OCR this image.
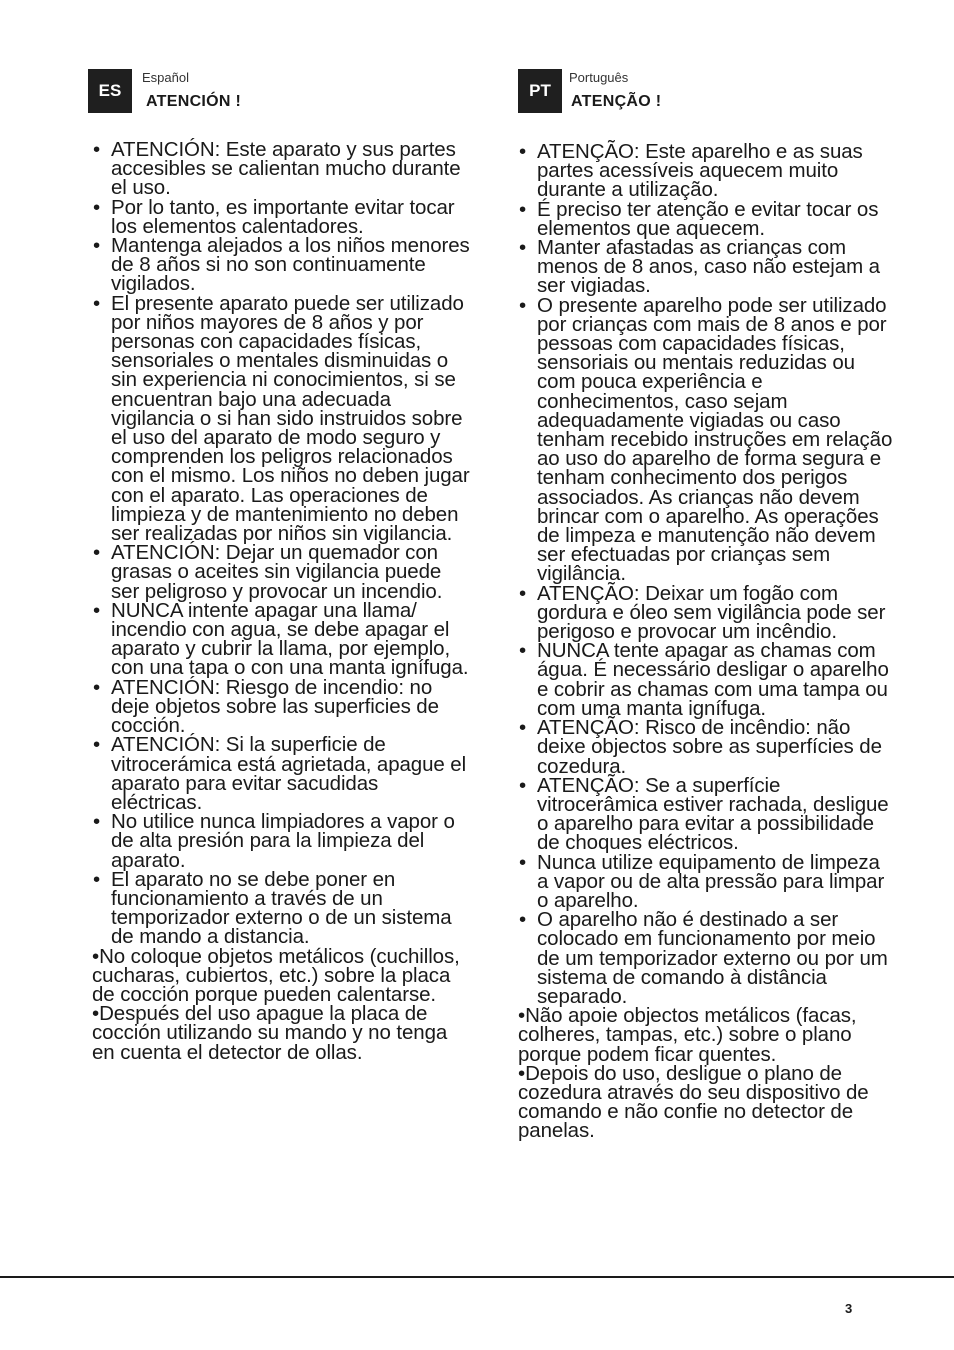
ES
Español
ATENCIÓN !
• ATENCIÓN: Este aparato y sus partes accesibles se calientan mucho durante el uso.
• Por lo tanto, es importante evitar tocar los elementos calentadores.
• Mantenga alejados a los niños menores de 8 años si no son continuamente vigilados.
• El presente aparato puede ser utilizado por niños mayores de 8 años y por personas con capacidades físicas, sensoriales o mentales disminuidas o sin experiencia ni conocimientos, si se encuentran bajo una adecuada vigilancia o si han sido instruidos sobre el uso del aparato de modo seguro y comprenden los peligros relacionados con el mismo. Los niños no deben jugar con el aparato. Las operaciones de limpieza y de mantenimiento no deben ser realizadas por niños sin vigilancia.
• ATENCIÓN: Dejar un quemador con grasas o aceites sin vigilancia puede ser peligroso y provocar un incendio.
• NUNCA intente apagar una llama/ incendio con agua, se debe apagar el aparato y cubrir la llama, por ejemplo, con una tapa o con una manta ignífuga.
• ATENCIÓN: Riesgo de incendio: no deje objetos sobre las superficies de cocción.
• ATENCIÓN: Si la superficie de vitrocerámica está agrietada, apague el aparato para evitar sacudidas eléctricas.
• No utilice nunca limpiadores a vapor o de alta presión para la limpieza del aparato.
• El aparato no se debe poner en funcionamiento a través de un temporizador externo o de un sistema de mando a distancia.

• No coloque objetos metálicos (cuchillos, cucharas, cubiertos, etc.) sobre la placa de cocción porque pueden calentarse.

• Después del uso apague la placa de cocción utilizando su mando y no tenga en cuenta el detector de ollas.

PT
Português
ATENÇÃO !
• ATENÇÃO: Este aparelho e as suas partes acessíveis aquecem muito durante a utilização.
• É preciso ter atenção e evitar tocar os elementos que aquecem.
• Manter afastadas as crianças com menos de 8 anos, caso não estejam a ser vigiadas.
• O presente aparelho pode ser utilizado por crianças com mais de 8 anos e por pessoas com capacidades físicas, sensoriais ou mentais reduzidas ou com pouca experiência e conhecimentos, caso sejam adequadamente vigiadas ou caso tenham recebido instruções em relação ao uso do aparelho de forma segura e tenham conhecimento dos perigos associados. As crianças não devem brincar com o aparelho. As operações de limpeza e manutenção não devem ser efectuadas por crianças sem vigilância.
• ATENÇÃO: Deixar um fogão com gordura e óleo sem vigilância pode ser perigoso e provocar um incêndio.
• NUNCA tente apagar as chamas com água. É necessário desligar o aparelho e cobrir as chamas com uma tampa ou com uma manta ignífuga.
• ATENÇÃO: Risco de incêndio: não deixe objectos sobre as superfícies de cozedura.
• ATENÇÃO: Se a superfície vitrocerâmica estiver rachada, desligue o aparelho para evitar a possibilidade de choques eléctricos.
• Nunca utilize equipamento de limpeza a vapor ou de alta pressão para limpar o aparelho.
• O aparelho não é destinado a ser colocado em funcionamento por meio de um temporizador externo ou por um sistema de comando à distância separado.

• Não apoie objectos metálicos (facas, colheres, tampas, etc.) sobre o plano porque podem ficar quentes.

• Depois do uso, desligue o plano de cozedura através do seu dispositivo de comando e não confie no detector de panelas.

3
